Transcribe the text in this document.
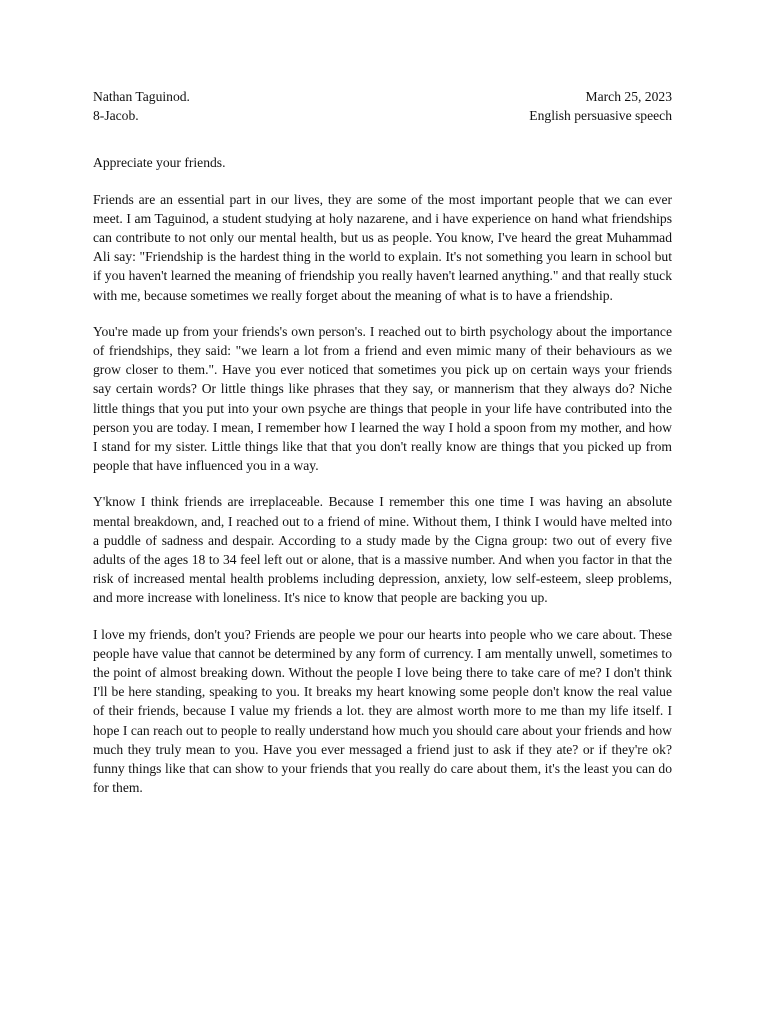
Nathan Taguinod.	March 25, 2023
8-Jacob.	English persuasive speech
Appreciate your friends.

Friends are an essential part in our lives, they are some of the most important people that we can ever meet. I am Taguinod, a student studying at holy nazarene, and i have experience on hand what friendships can contribute to not only our mental health, but us as people. You know, I've heard the great Muhammad Ali say: "Friendship is the hardest thing in the world to explain. It's not something you learn in school but if you haven't learned the meaning of friendship you really haven't learned anything." and that really stuck with me, because sometimes we really forget about the meaning of what is to have a friendship.

You're made up from your friends's own person's. I reached out to birth psychology about the importance of friendships, they said: "we learn a lot from a friend and even mimic many of their behaviours as we grow closer to them.". Have you ever noticed that sometimes you pick up on certain ways your friends say certain words? Or little things like phrases that they say, or mannerism that they always do? Niche little things that you put into your own psyche are things that people in your life have contributed into the person you are today. I mean, I remember how I learned the way I hold a spoon from my mother, and how I stand for my sister. Little things like that that you don't really know are things that you picked up from people that have influenced you in a way.

Y'know I think friends are irreplaceable. Because I remember this one time I was having an absolute mental breakdown, and, I reached out to a friend of mine. Without them, I think I would have melted into a puddle of sadness and despair. According to a study made by the Cigna group: two out of every five adults of the ages 18 to 34 feel left out or alone, that is a massive number. And when you factor in that the risk of increased mental health problems including depression, anxiety, low self-esteem, sleep problems, and more increase with loneliness. It's nice to know that people are backing you up.

I love my friends, don't you? Friends are people we pour our hearts into people who we care about. These people have value that cannot be determined by any form of currency. I am mentally unwell, sometimes to the point of almost breaking down. Without the people I love being there to take care of me? I don't think I'll be here standing, speaking to you. It breaks my heart knowing some people don't know the real value of their friends, because I value my friends a lot. they are almost worth more to me than my life itself. I hope I can reach out to people to really understand how much you should care about your friends and how much they truly mean to you. Have you ever messaged a friend just to ask if they ate? or if they're ok? funny things like that can show to your friends that you really do care about them, it's the least you can do for them.
